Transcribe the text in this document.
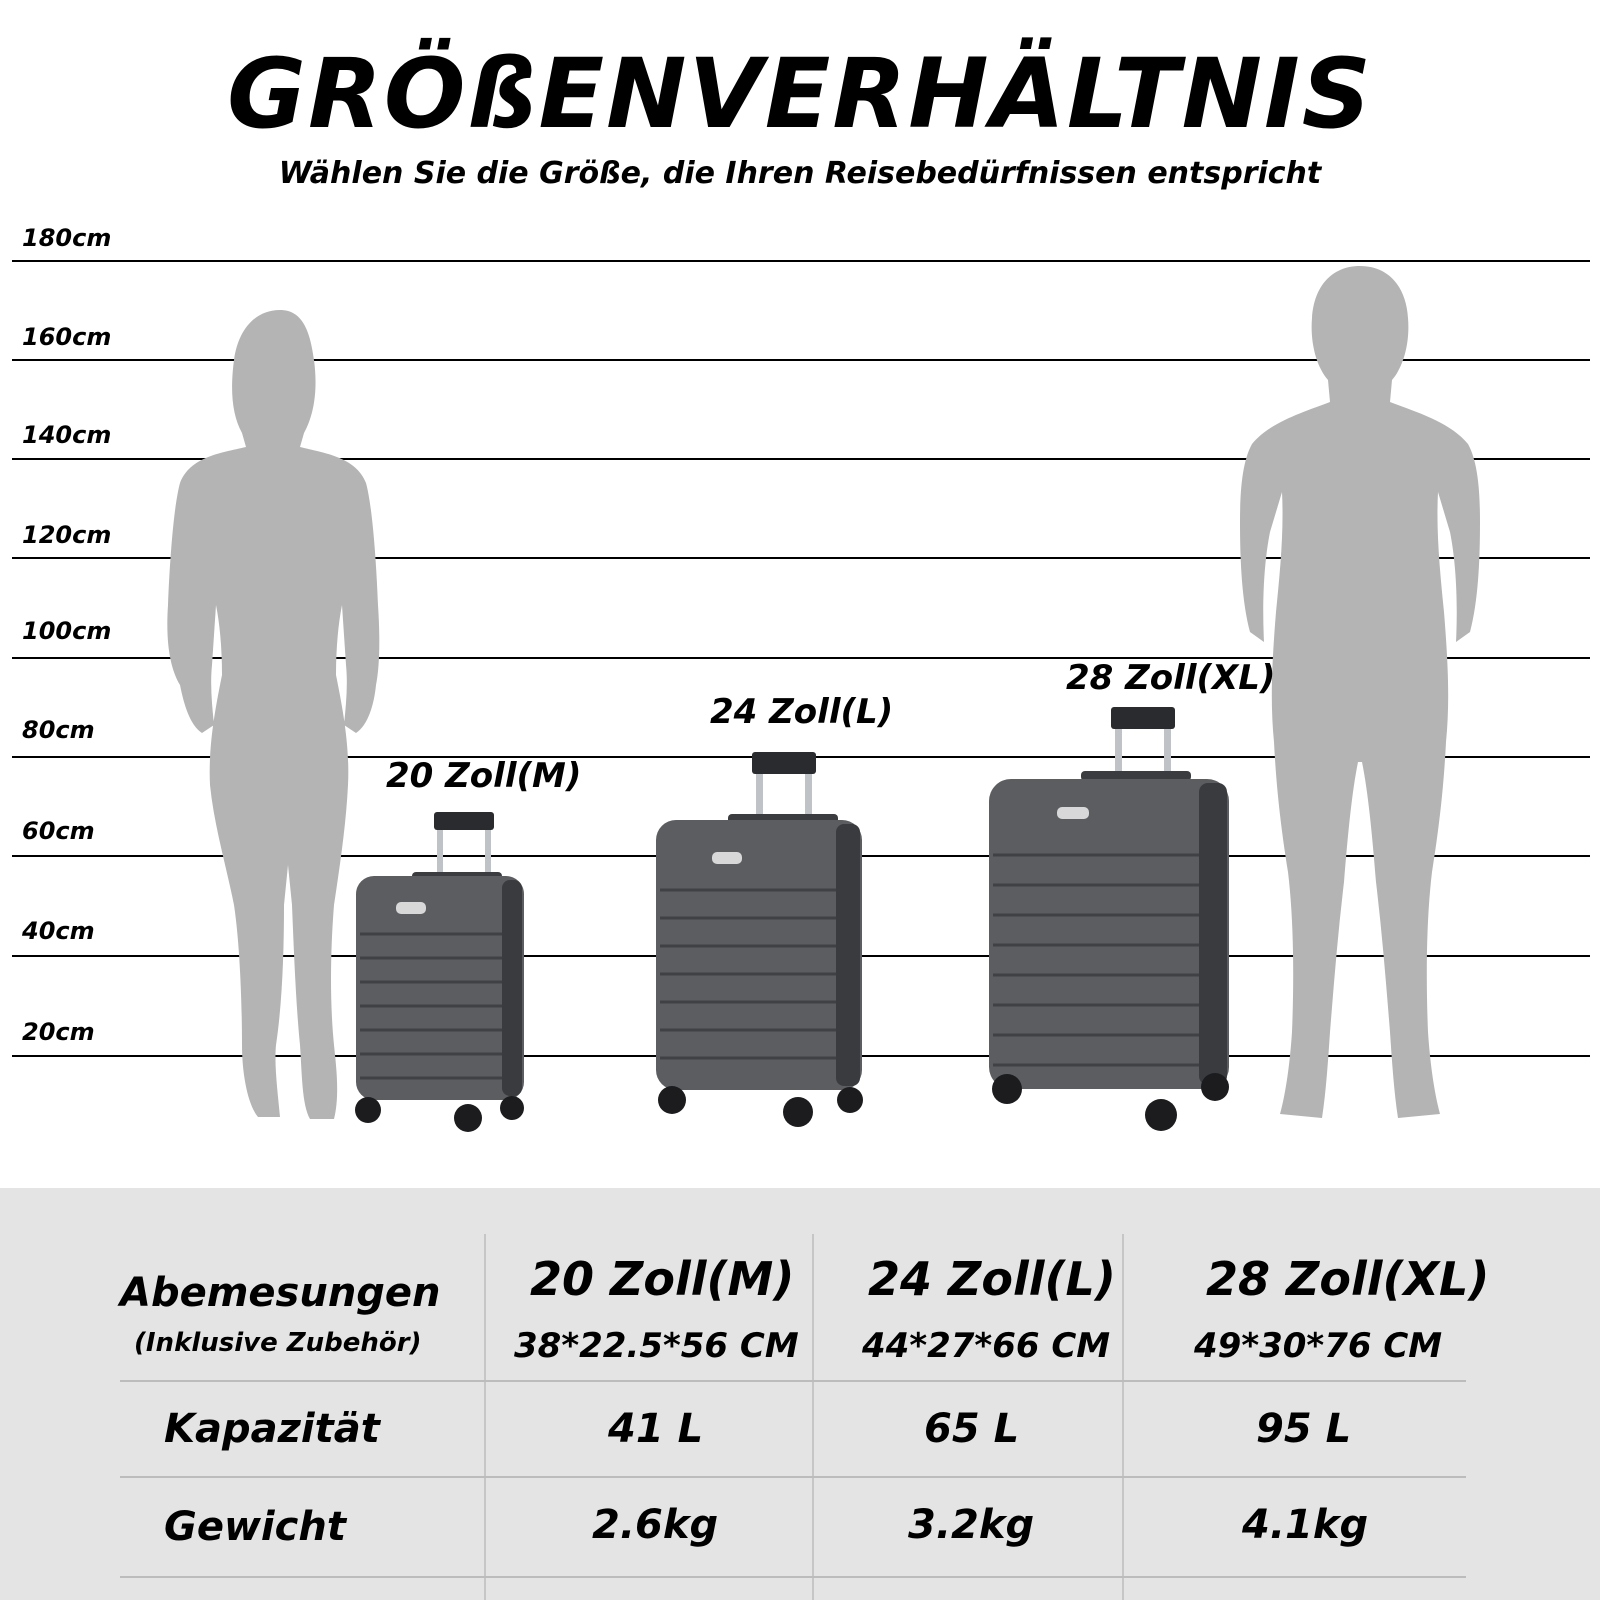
GRÖßENVERHÄLTNIS
Wählen Sie die Größe, die Ihren Reisebedürfnissen entspricht
180cm
160cm
140cm
120cm
100cm
80cm
60cm
40cm
20cm
20 Zoll(M)
24 Zoll(L)
28 Zoll(XL)
Abemesungen
(Inklusive Zubehör)
Kapazität
Gewicht
20 Zoll(M)
38*22.5*56 CM
41 L
2.6kg
24 Zoll(L)
44*27*66 CM
65 L
3.2kg
28 Zoll(XL)
49*30*76 CM
95 L
4.1kg
